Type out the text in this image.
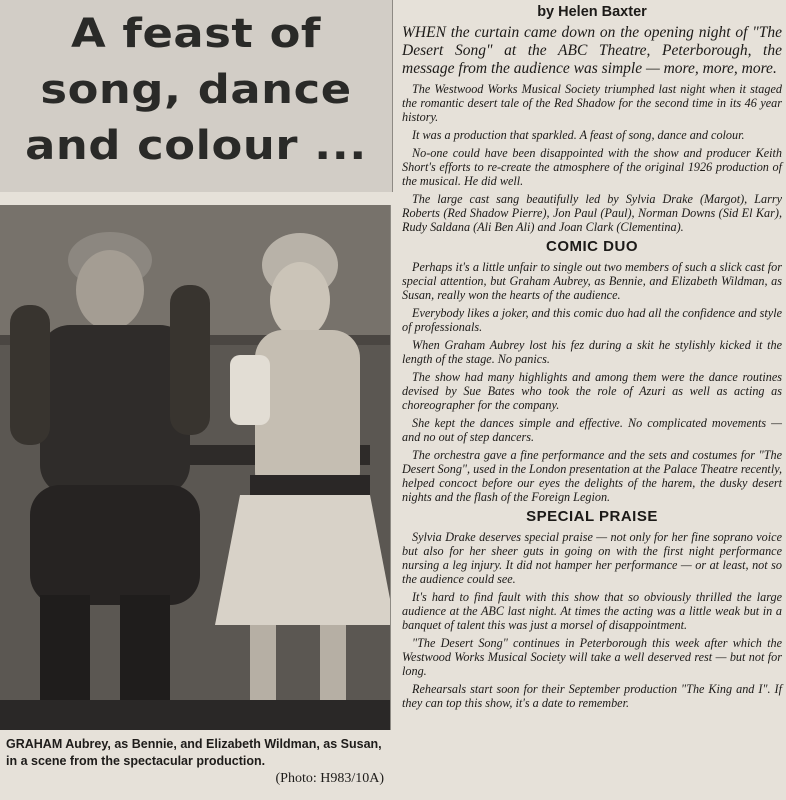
A feast of
song, dance
and colour ...
GRAHAM Aubrey, as Bennie, and Elizabeth Wildman, as Susan, in a scene from the spectacular production.
(Photo: H983/10A)
by Helen Baxter

WHEN the curtain came down on the opening night of "The Desert Song" at the ABC Theatre, Peterborough, the message from the audience was simple — more, more, more.

The Westwood Works Musical Society triumphed last night when it staged the romantic desert tale of the Red Shadow for the second time in its 46 year history.

It was a production that sparkled. A feast of song, dance and colour.

No-one could have been disappointed with the show and producer Keith Short's efforts to re-create the atmosphere of the original 1926 production of the musical. He did well.

The large cast sang beautifully led by Sylvia Drake (Margot), Larry Roberts (Red Shadow Pierre), Jon Paul (Paul), Norman Downs (Sid El Kar), Rudy Saldana (Ali Ben Ali) and Joan Clark (Clementina).

COMIC DUO

Perhaps it's a little unfair to single out two members of such a slick cast for special attention, but Graham Aubrey, as Bennie, and Elizabeth Wildman, as Susan, really won the hearts of the audience.

Everybody likes a joker, and this comic duo had all the confidence and style of professionals.

When Graham Aubrey lost his fez during a skit he stylishly kicked it the length of the stage. No panics.

The show had many highlights and among them were the dance routines devised by Sue Bates who took the role of Azuri as well as acting as choreographer for the company.

She kept the dances simple and effective. No complicated movements — and no out of step dancers.

The orchestra gave a fine performance and the sets and costumes for "The Desert Song", used in the London presentation at the Palace Theatre recently, helped concoct before our eyes the delights of the harem, the dusky desert nights and the flash of the Foreign Legion.

SPECIAL PRAISE

Sylvia Drake deserves special praise — not only for her fine soprano voice but also for her sheer guts in going on with the first night performance nursing a leg injury. It did not hamper her performance — or at least, not so the audience could see.

It's hard to find fault with this show that so obviously thrilled the large audience at the ABC last night. At times the acting was a little weak but in a banquet of talent this was just a morsel of disappointment.

"The Desert Song" continues in Peterborough this week after which the Westwood Works Musical Society will take a well deserved rest — but not for long.

Rehearsals start soon for their September production "The King and I". If they can top this show, it's a date to remember.
